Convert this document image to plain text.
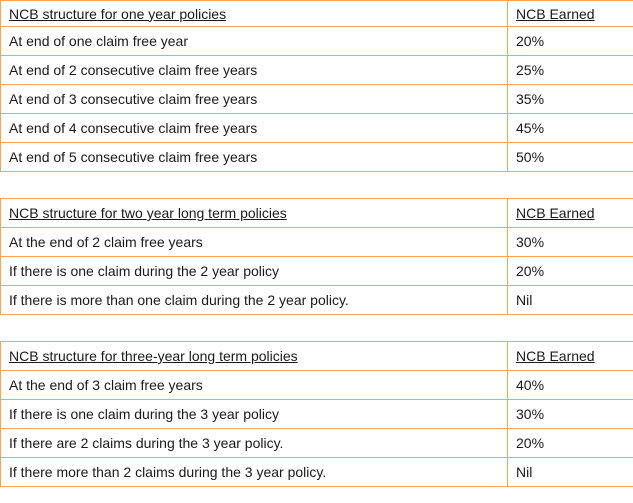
NCB structure for one year policies	NCB Earned
At end of one claim free year	20%
At end of 2 consecutive claim free years	25%
At end of 3 consecutive claim free years	35%
At end of 4 consecutive claim free years	45%
At end of 5 consecutive claim free years	50%

NCB structure for two year long term policies	NCB Earned
At the end of 2 claim free years	30%
If there is one claim during the 2 year policy	20%
If there is more than one claim during the 2 year policy.	Nil

NCB structure for three-year long term policies	NCB Earned
At the end of 3 claim free years	40%
If there is one claim during the 3 year policy	30%
If there are 2 claims during the 3 year policy.	20%
If there more than 2 claims during the 3 year policy.	Nil
